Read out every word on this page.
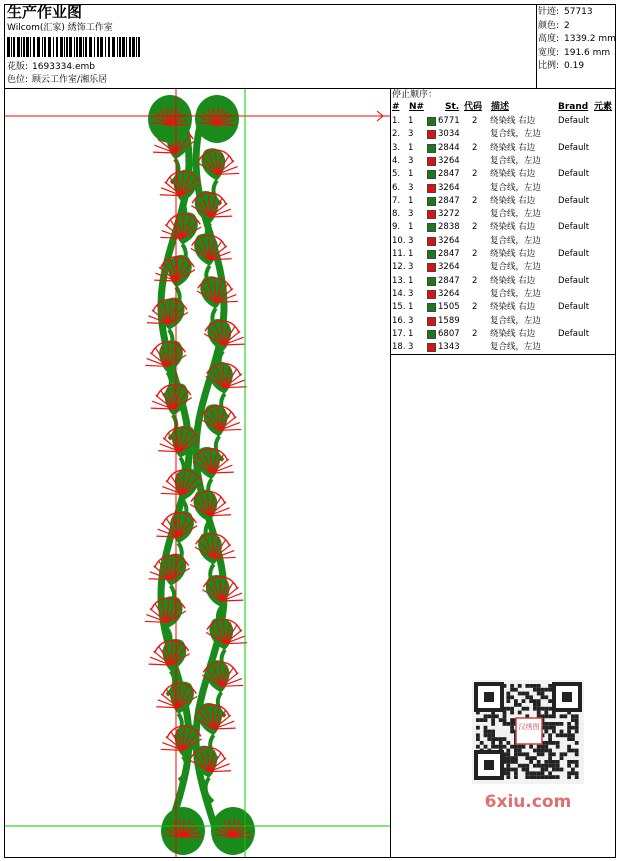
生产作业图
Wilcom(汇家) 綉饰工作室
花版: 1693334.emb
色位: 顾云工作室/湘乐居
针迹: 57713
颜色: 2
高度: 1339.2 mm
宽度: 191.6 mm
比例: 0.19
停止顺序：
# N# St. 代码 描述	Brand 元素
1. 1	6771 2 绕染线 右边	Default
2. 3	3034	复合线，左边
3. 1	2844 2 绕染线 右边	Default
4. 3	3264	复合线，左边
5. 1	2847 2 绕染线 右边	Default
6. 3	3264	复合线，左边
7. 1	2847 2 绕染线 右边	Default
8. 3	3272	复合线，左边
9. 1	2838 2 绕染线 右边	Default
10. 3	3264	复合线，左边
11. 1	2847 2 绕染线 右边	Default
12. 3	3264	复合线，左边
13. 1	2847 2 绕染线 右边	Default
14. 3	3264	复合线，左边
15. 1	1505 2 绕染线 右边	Default
16. 3	1589	复合线，左边
17. 1	6807 2 绕染线 右边	Default
18. 3	1343	复合线，左边
汉绣图
6xiu.com
